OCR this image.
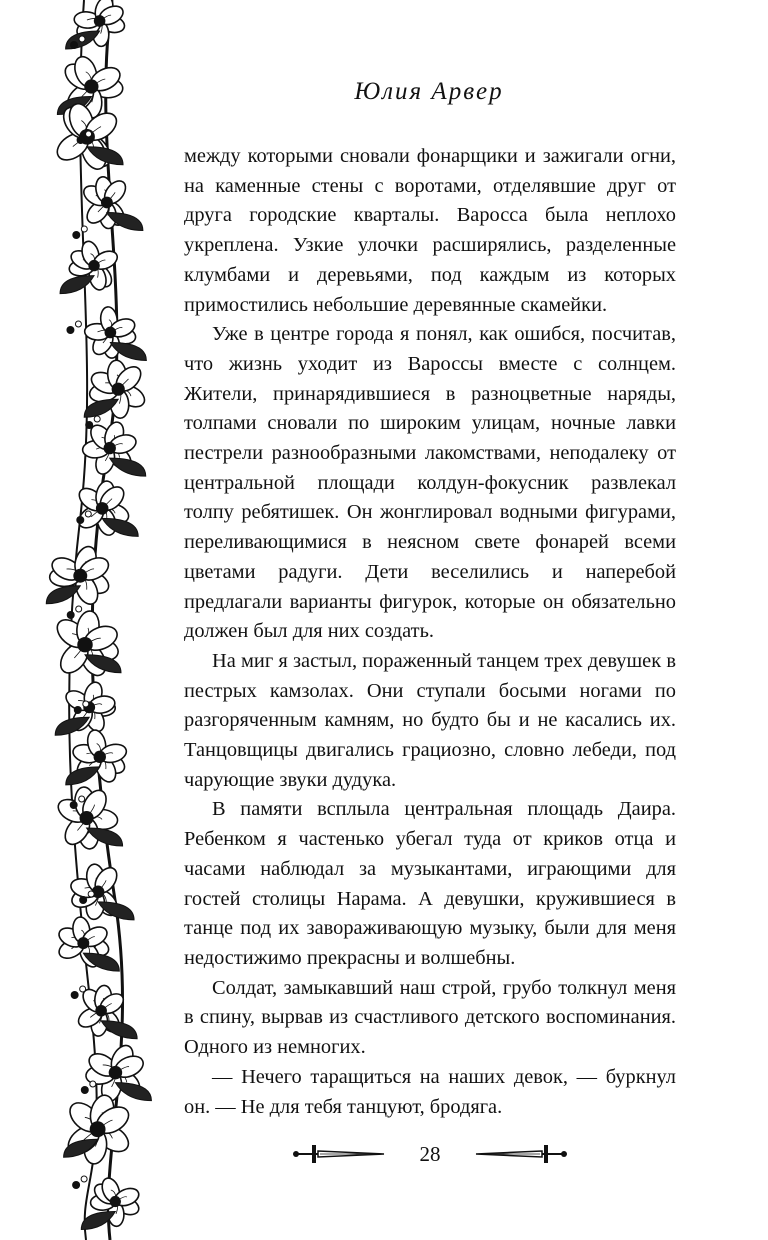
Юлия Арвер

между которыми сновали фонарщики и зажигали огни, на каменные стены с воротами, отделявшие друг от друга городские кварталы. Варосса была неплохо укреплена. Узкие улочки расширялись, разделенные клумбами и деревьями, под каждым из которых примостились небольшие деревянные скамейки.

Уже в центре города я понял, как ошибся, посчитав, что жизнь уходит из Вароссы вместе с солнцем. Жители, принарядившиеся в разноцветные наряды, толпами сновали по широким улицам, ночные лавки пестрели разнообразными лакомствами, неподалеку от центральной площади колдун-фокусник развлекал толпу ребятишек. Он жонглировал водными фигурами, переливающимися в неясном свете фонарей всеми цветами радуги. Дети веселились и наперебой предлагали варианты фигурок, которые он обязательно должен был для них создать.

На миг я застыл, пораженный танцем трех девушек в пестрых камзолах. Они ступали босыми ногами по разгоряченным камням, но будто бы и не касались их. Танцовщицы двигались грациозно, словно лебеди, под чарующие звуки дудука.

В памяти всплыла центральная площадь Даира. Ребенком я частенько убегал туда от криков отца и часами наблюдал за музыкантами, играющими для гостей столицы Нарама. А девушки, кружившиеся в танце под их завораживающую музыку, были для меня недостижимо прекрасны и волшебны.

Солдат, замыкавший наш строй, грубо толкнул меня в спину, вырвав из счастливого детского воспоминания. Одного из немногих.

— Нечего таращиться на наших девок, — буркнул он. — Не для тебя танцуют, бродяга.

28
